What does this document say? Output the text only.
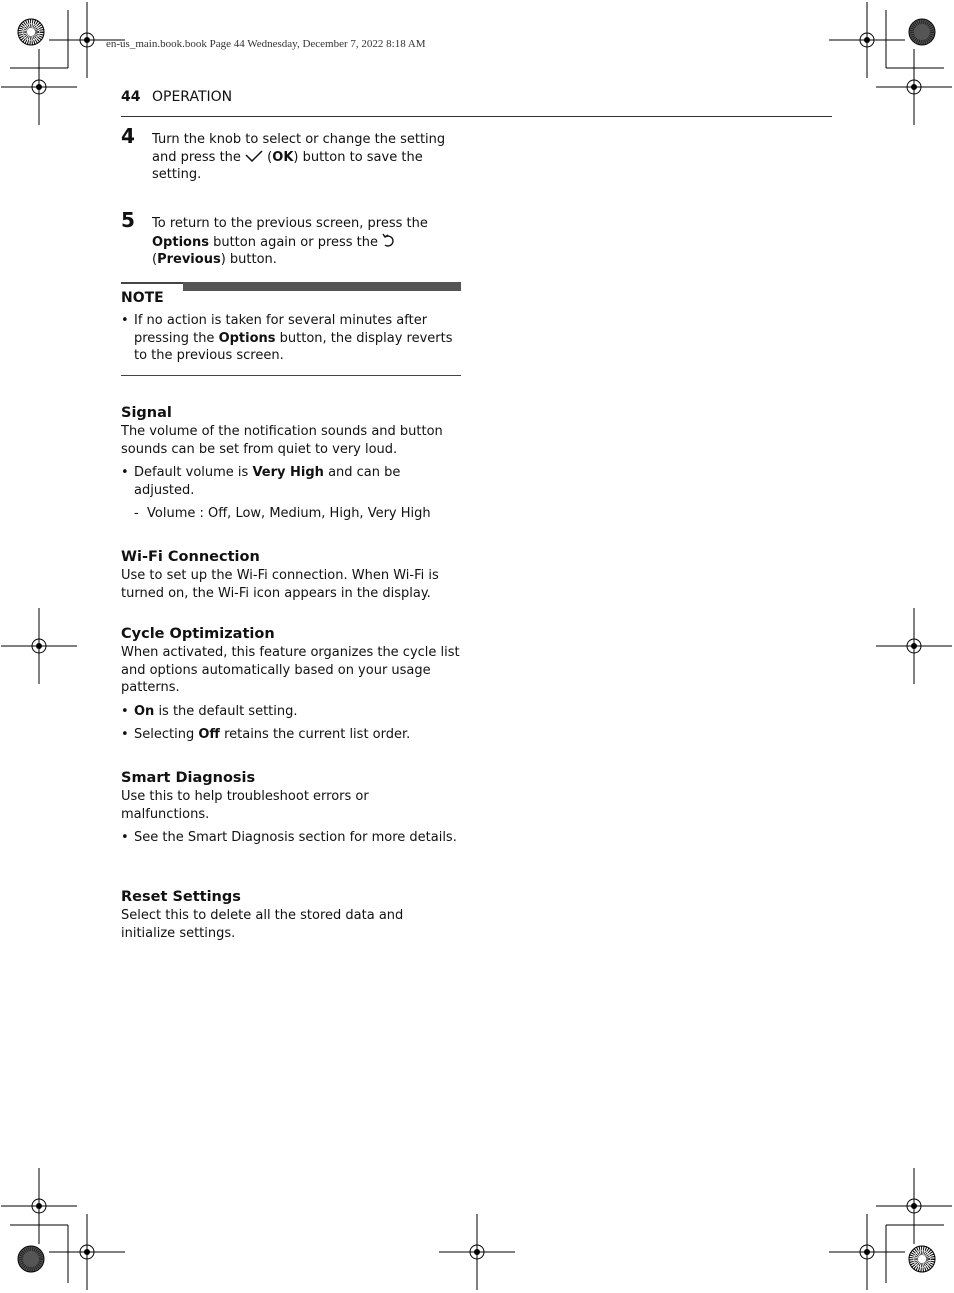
en-us_main.book.book Page 44 Wednesday, December 7, 2022 8:18 AM
44 OPERATION
4 Turn the knob to select or change the setting and press the  (OK) button to save the setting.
5 To return to the previous screen, press the Options button again or press the (Previous) button.
NOTE
• If no action is taken for several minutes after pressing the Options button, the display reverts to the previous screen.
Signal

The volume of the notification sounds and button sounds can be set from quiet to very loud.

• Default volume is Very High and can be adjusted.
- Volume : Off, Low, Medium, High, Very High
Wi-Fi Connection

Use to set up the Wi-Fi connection. When Wi-Fi is turned on, the Wi-Fi icon appears in the display.

Cycle Optimization

When activated, this feature organizes the cycle list and options automatically based on your usage patterns.

• On is the default setting.
• Selecting Off retains the current list order.
Smart Diagnosis

Use this to help troubleshoot errors or malfunctions.

• See the Smart Diagnosis section for more details.
Reset Settings

Select this to delete all the stored data and initialize settings.
